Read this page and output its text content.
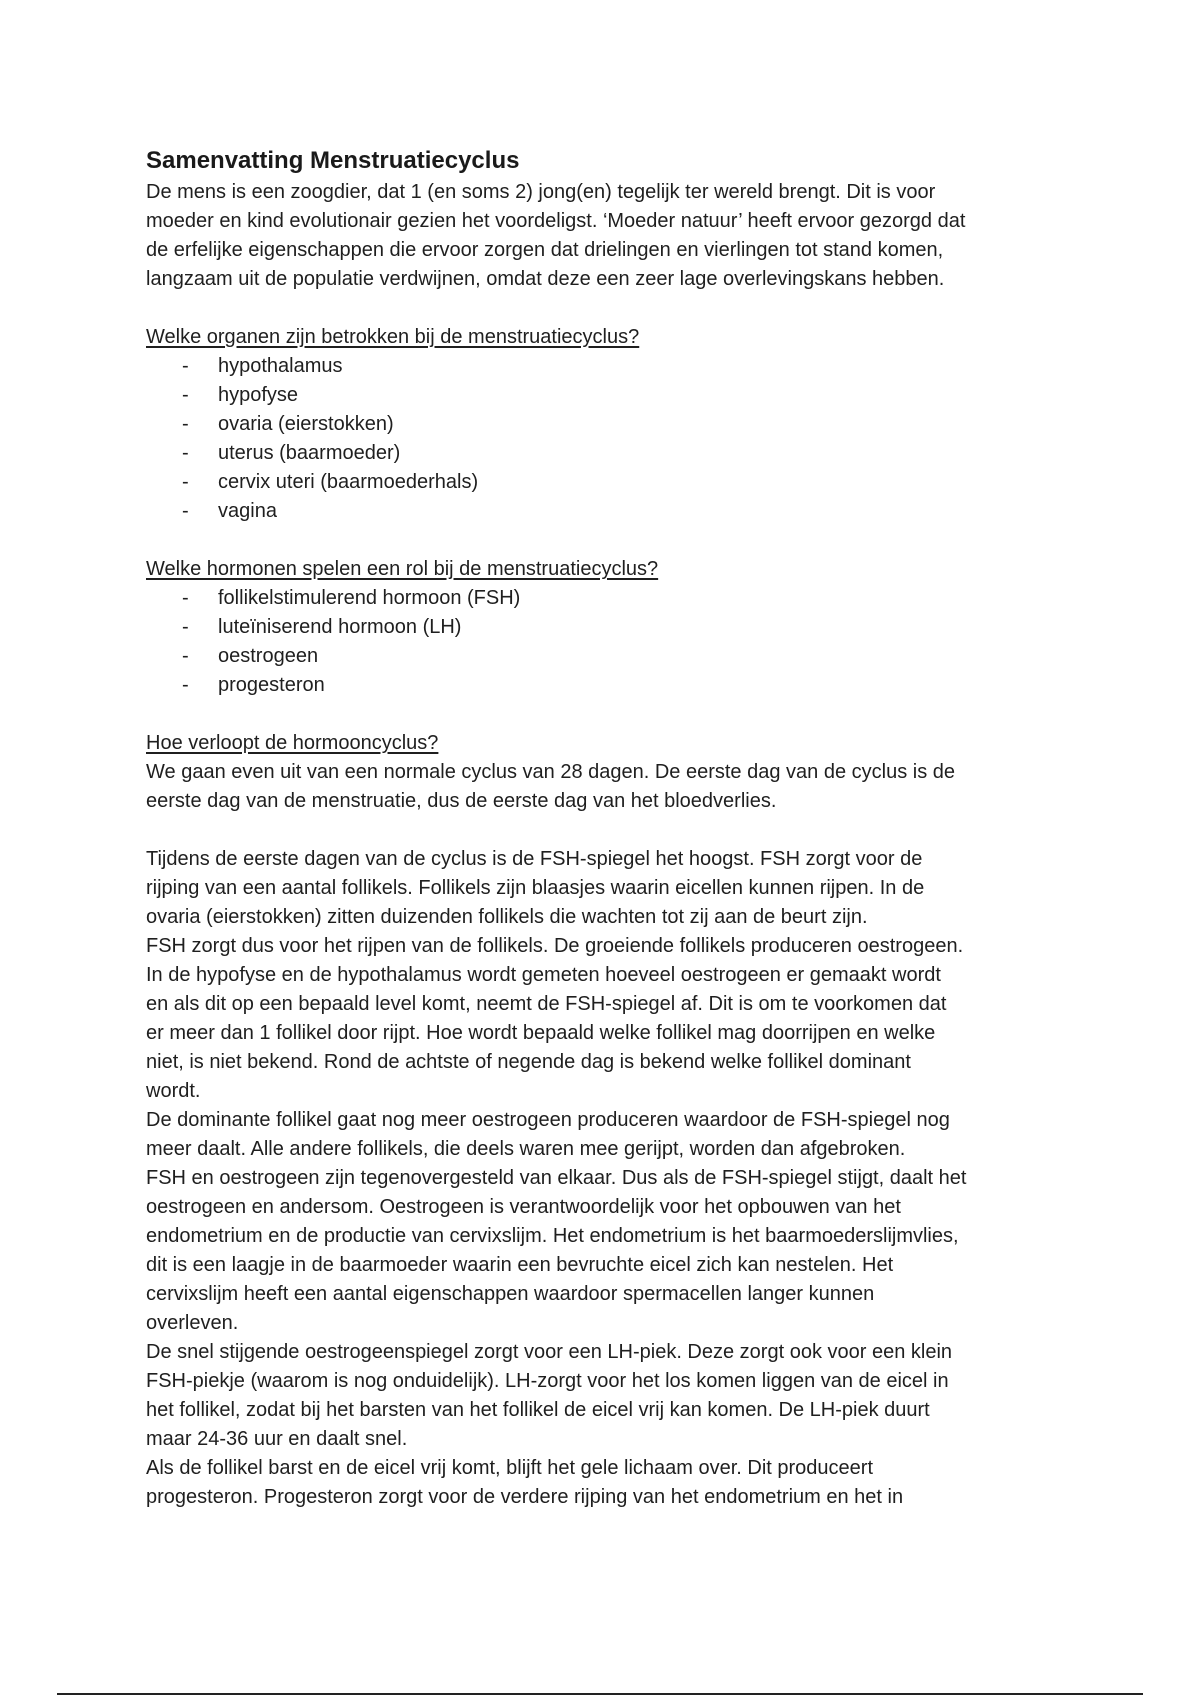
Samenvatting Menstruatiecyclus

De mens is een zoogdier, dat 1 (en soms 2) jong(en) tegelijk ter wereld brengt. Dit is voor

moeder en kind evolutionair gezien het voordeligst. ‘Moeder natuur’ heeft ervoor gezorgd dat

de erfelijke eigenschappen die ervoor zorgen dat drielingen en vierlingen tot stand komen,

langzaam uit de populatie verdwijnen, omdat deze een zeer lage overlevingskans hebben.

Welke organen zijn betrokken bij de menstruatiecyclus?

- hypothalamus
- hypofyse
- ovaria (eierstokken)
- uterus (baarmoeder)
- cervix uteri (baarmoederhals)
- vagina

Welke hormonen spelen een rol bij de menstruatiecyclus?

- follikelstimulerend hormoon (FSH)
- luteïniserend hormoon (LH)
- oestrogeen
- progesteron

Hoe verloopt de hormooncyclus?

We gaan even uit van een normale cyclus van 28 dagen. De eerste dag van de cyclus is de

eerste dag van de menstruatie, dus de eerste dag van het bloedverlies.

Tijdens de eerste dagen van de cyclus is de FSH-spiegel het hoogst. FSH zorgt voor de

rijping van een aantal follikels. Follikels zijn blaasjes waarin eicellen kunnen rijpen. In de

ovaria (eierstokken) zitten duizenden follikels die wachten tot zij aan de beurt zijn.

FSH zorgt dus voor het rijpen van de follikels. De groeiende follikels produceren oestrogeen.

In de hypofyse en de hypothalamus wordt gemeten hoeveel oestrogeen er gemaakt wordt

en als dit op een bepaald level komt, neemt de FSH-spiegel af. Dit is om te voorkomen dat

er meer dan 1 follikel door rijpt. Hoe wordt bepaald welke follikel mag doorrijpen en welke

niet, is niet bekend. Rond de achtste of negende dag is bekend welke follikel dominant

wordt.

De dominante follikel gaat nog meer oestrogeen produceren waardoor de FSH-spiegel nog

meer daalt. Alle andere follikels, die deels waren mee gerijpt, worden dan afgebroken.

FSH en oestrogeen zijn tegenovergesteld van elkaar. Dus als de FSH-spiegel stijgt, daalt het

oestrogeen en andersom. Oestrogeen is verantwoordelijk voor het opbouwen van het

endometrium en de productie van cervixslijm. Het endometrium is het baarmoederslijmvlies,

dit is een laagje in de baarmoeder waarin een bevruchte eicel zich kan nestelen. Het

cervixslijm heeft een aantal eigenschappen waardoor spermacellen langer kunnen

overleven.

De snel stijgende oestrogeenspiegel zorgt voor een LH-piek. Deze zorgt ook voor een klein

FSH-piekje (waarom is nog onduidelijk). LH-zorgt voor het los komen liggen van de eicel in

het follikel, zodat bij het barsten van het follikel de eicel vrij kan komen. De LH-piek duurt

maar 24-36 uur en daalt snel.

Als de follikel barst en de eicel vrij komt, blijft het gele lichaam over. Dit produceert

progesteron. Progesteron zorgt voor de verdere rijping van het endometrium en het in
